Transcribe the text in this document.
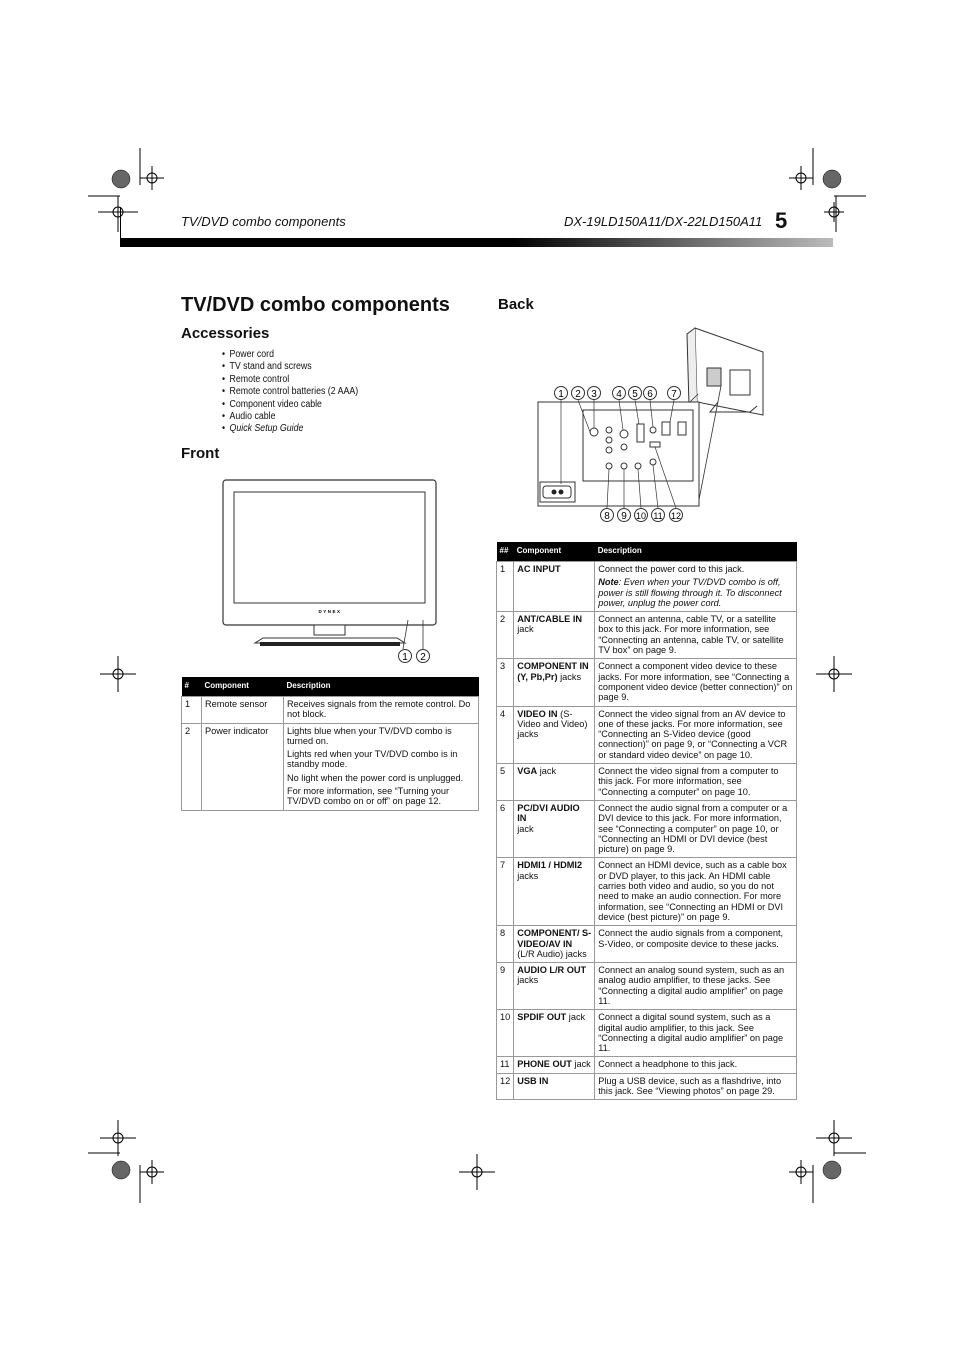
TV/DVD combo components	DX-19LD150A11/DX-22LD150A11 5
TV/DVD combo components
Accessories
• Power cord
• TV stand and screws
• Remote control
• Remote control batteries (2 AAA)
• Component video cable
• Audio cable
• Quick Setup Guide
Front
DYNEX
1 2
#	Component	Description
1	Remote sensor	Receives signals from the remote control. Do not block.

2	Power indicator	Lights blue when your TV/DVD combo is turned on.

Lights red when your TV/DVD combo is in standby mode.

No light when the power cord is unplugged.

For more information, see “Turning your TV/DVD combo on or off” on page 12.

Back
1 2 3 4 5 6 7
8 9 10 11 12
##	Component	Description
1	AC INPUT	Connect the power cord to this jack.

Note: Even when your TV/DVD combo is off, power is still flowing through it. To disconnect power, unplug the power cord.

2	ANT/CABLE IN
jack	Connect an antenna, cable TV, or a satellite box to this jack. For more information, see “Connecting an antenna, cable TV, or satellite TV box” on page 9.

3	COMPONENT IN (Y, Pb,Pr) jacks	Connect a component video device to these jacks. For more information, see “Connecting a component video device (better connection)” on page 9.

4	VIDEO IN (S-Video and Video) jacks	Connect the video signal from an AV device to one of these jacks. For more information, see “Connecting an S-Video device (good connection)” on page 9, or “Connecting a VCR or standard video device” on page 10.

5	VGA jack	Connect the video signal from a computer to this jack. For more information, see “Connecting a computer” on page 10.

6	PC/DVI AUDIO IN
jack	Connect the audio signal from a computer or a DVI device to this jack. For more information, see “Connecting a computer” on page 10, or “Connecting an HDMI or DVI device (best picture) on page 9.

7	HDMI1 / HDMI2
jacks	Connect an HDMI device, such as a cable box or DVD player, to this jack. An HDMI cable carries both video and audio, so you do not need to make an audio connection. For more information, see “Connecting an HDMI or DVI device (best picture)” on page 9.

8	COMPONENT/ S-VIDEO/AV IN
(L/R Audio) jacks	Connect the audio signals from a component, S-Video, or composite device to these jacks.

9	AUDIO L/R OUT
jacks	Connect an analog sound system, such as an analog audio amplifier, to these jacks. See “Connecting a digital audio amplifier” on page 11.

10	SPDIF OUT jack	Connect a digital sound system, such as a digital audio amplifier, to this jack. See “Connecting a digital audio amplifier” on page 11.

11	PHONE OUT jack	Connect a headphone to this jack.

12	USB IN	Plug a USB device, such as a flashdrive, into this jack. See “Viewing photos” on page 29.
